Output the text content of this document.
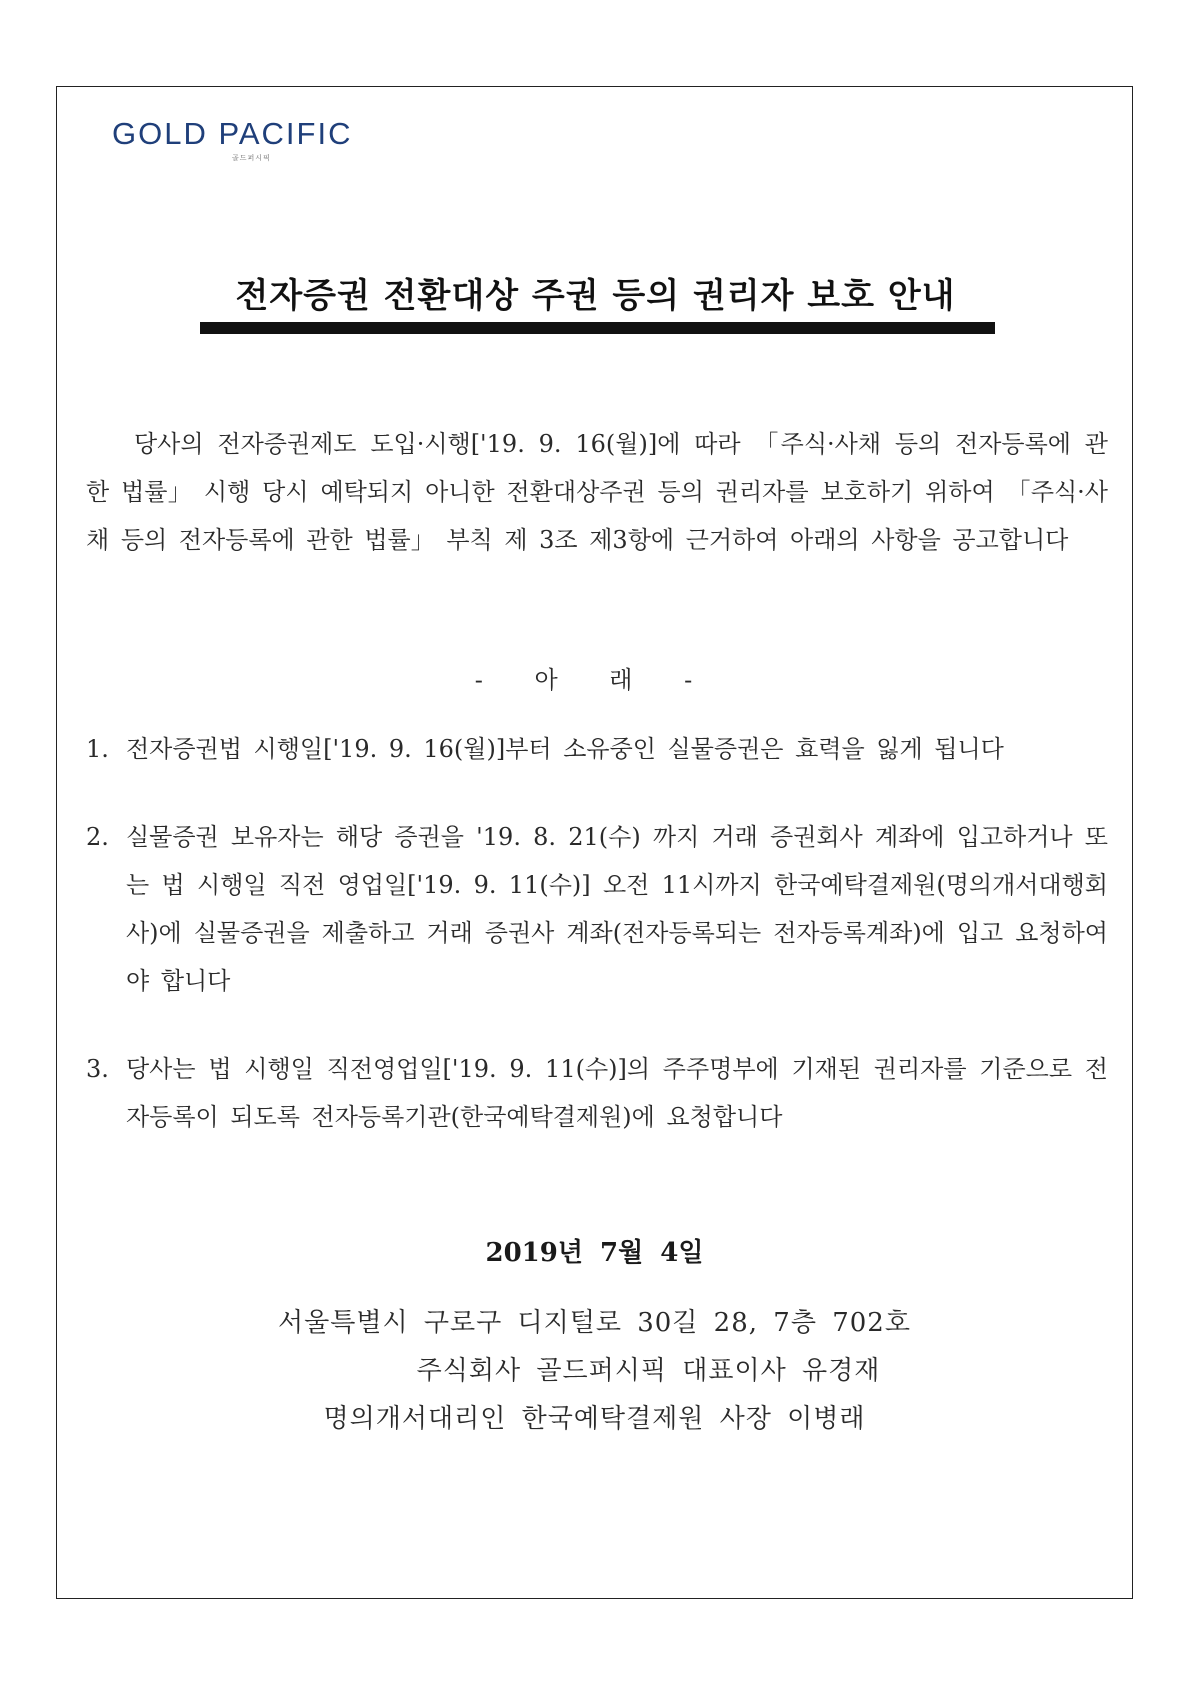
GOLD PACIFIC
골드퍼시픽
전자증권 전환대상 주권 등의 권리자 보호 안내
당사의 전자증권제도 도입·시행['19. 9. 16(월)]에 따라 「주식·사채 등의 전자등록에 관한 법률」 시행 당시 예탁되지 아니한 전환대상주권 등의 권리자를 보호하기 위하여 「주식·사채 등의 전자등록에 관한 법률」 부칙 제 3조 제3항에 근거하여 아래의 사항을 공고합니다
- 아 래 -
1. 전자증권법 시행일['19. 9. 16(월)]부터 소유중인 실물증권은 효력을 잃게 됩니다
2. 실물증권 보유자는 해당 증권을 '19. 8. 21(수) 까지 거래 증권회사 계좌에 입고하거나 또는 법 시행일 직전 영업일['19. 9. 11(수)] 오전 11시까지 한국예탁결제원(명의개서대행회사)에 실물증권을 제출하고 거래 증권사 계좌(전자등록되는 전자등록계좌)에 입고 요청하여야 합니다
3. 당사는 법 시행일 직전영업일['19. 9. 11(수)]의 주주명부에 기재된 권리자를 기준으로 전자등록이 되도록 전자등록기관(한국예탁결제원)에 요청합니다
2019년 7월 4일
서울특별시 구로구 디지털로 30길 28, 7층 702호
주식회사 골드퍼시픽 대표이사 유경재
명의개서대리인 한국예탁결제원 사장 이병래
